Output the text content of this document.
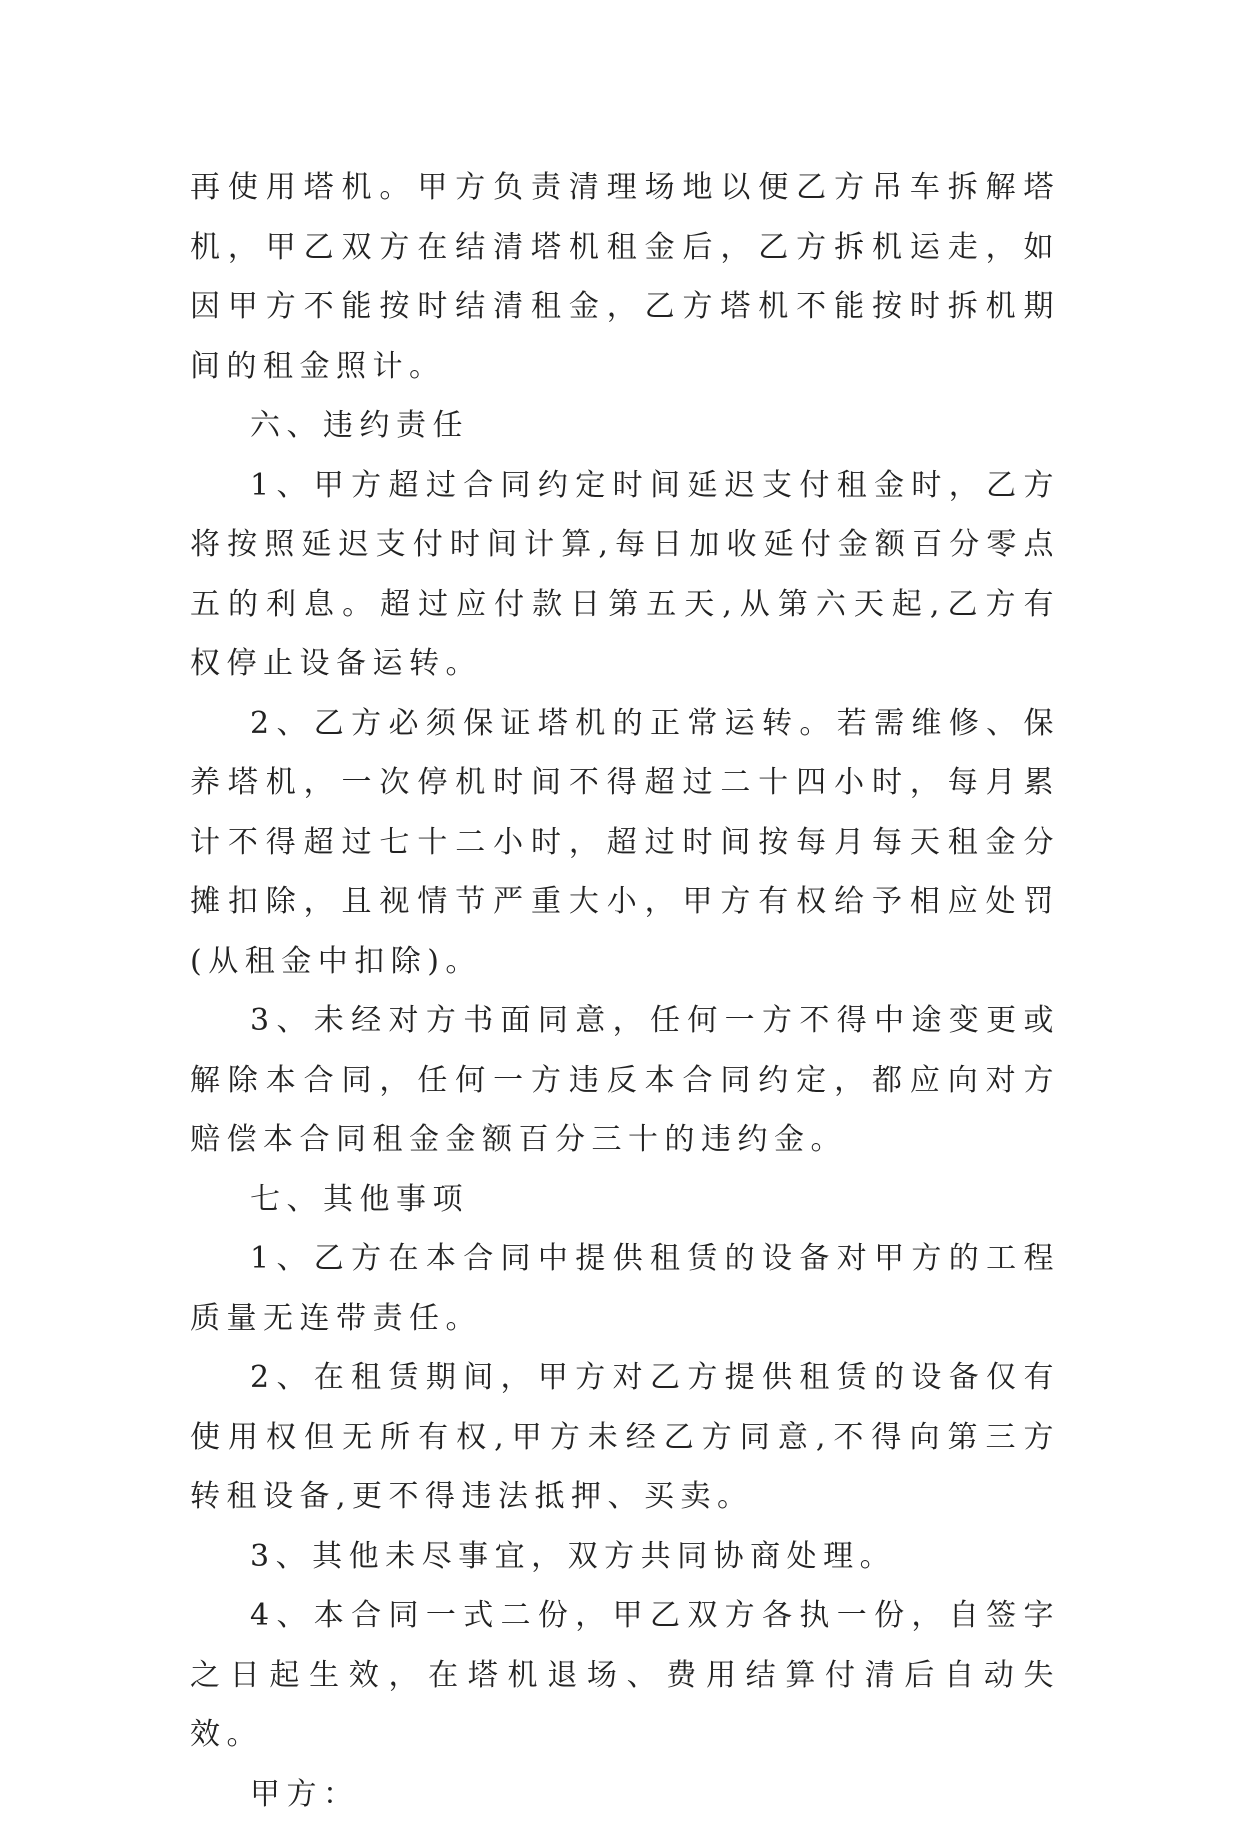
再使用塔机。甲方负责清理场地以便乙方吊车拆解塔机，甲乙双方在结清塔机租金后，乙方拆机运走，如因甲方不能按时结清租金，乙方塔机不能按时拆机期间的租金照计。

六、违约责任

1、甲方超过合同约定时间延迟支付租金时，乙方将按照延迟支付时间计算,每日加收延付金额百分零点五的利息。超过应付款日第五天,从第六天起,乙方有权停止设备运转。

2、乙方必须保证塔机的正常运转。若需维修、保养塔机，一次停机时间不得超过二十四小时，每月累计不得超过七十二小时，超过时间按每月每天租金分摊扣除，且视情节严重大小，甲方有权给予相应处罚(从租金中扣除)。

3、未经对方书面同意，任何一方不得中途变更或解除本合同，任何一方违反本合同约定，都应向对方赔偿本合同租金金额百分三十的违约金。

七、其他事项

1、乙方在本合同中提供租赁的设备对甲方的工程质量无连带责任。

2、在租赁期间，甲方对乙方提供租赁的设备仅有使用权但无所有权,甲方未经乙方同意,不得向第三方转租设备,更不得违法抵押、买卖。

3、其他未尽事宜，双方共同协商处理。

4、本合同一式二份，甲乙双方各执一份，自签字之日起生效，在塔机退场、费用结算付清后自动失效。

甲方：
